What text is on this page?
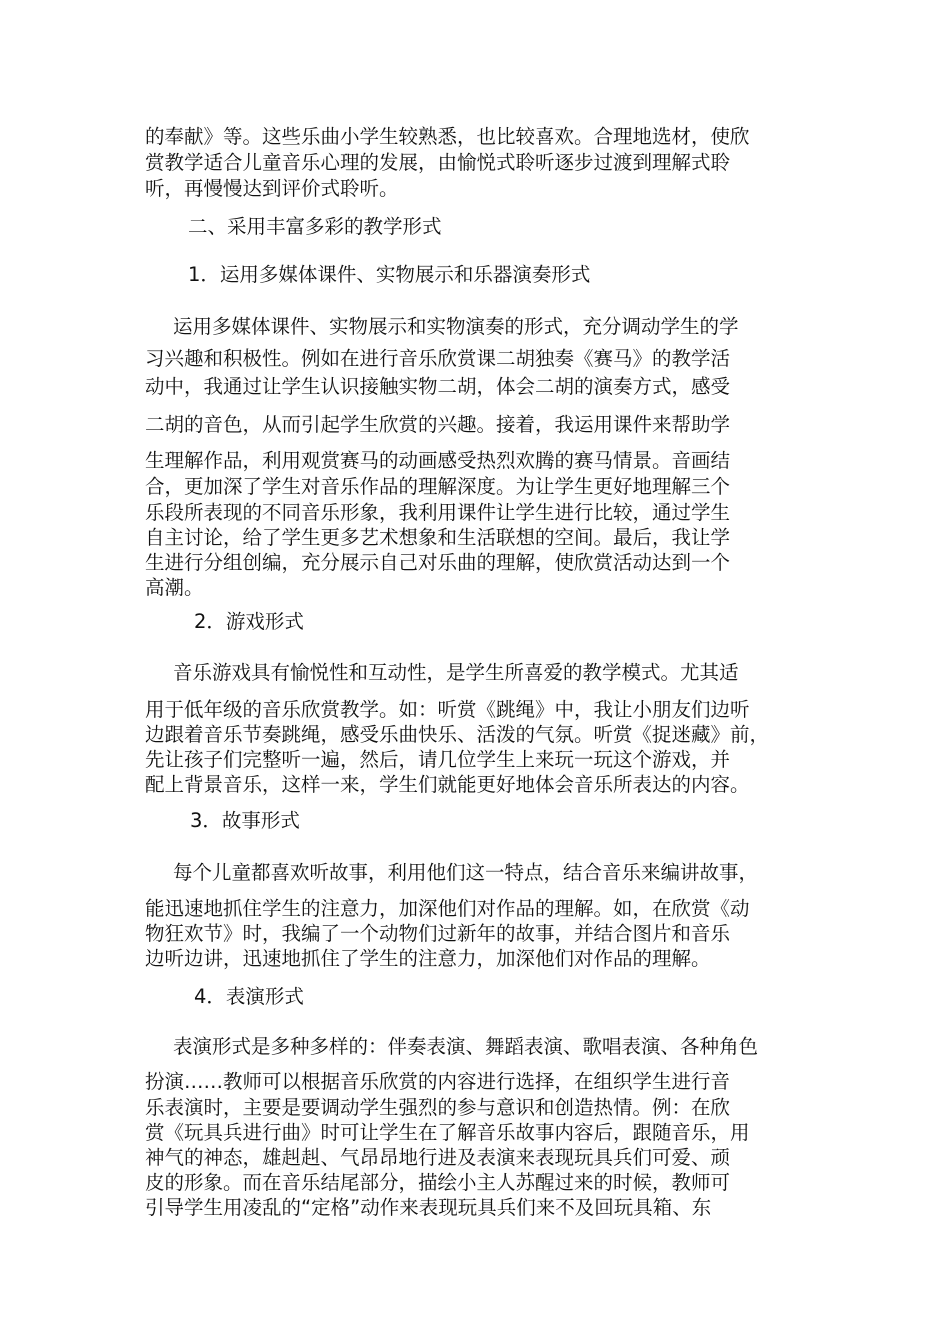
的奉献》等。这些乐曲小学生较熟悉，也比较喜欢。合理地选材，使欣

赏教学适合儿童音乐心理的发展，由愉悦式聆听逐步过渡到理解式聆

听，再慢慢达到评价式聆听。

二、采用丰富多彩的教学形式

1．运用多媒体课件、实物展示和乐器演奏形式

运用多媒体课件、实物展示和实物演奏的形式，充分调动学生的学

习兴趣和积极性。例如在进行音乐欣赏课二胡独奏《赛马》的教学活

动中，我通过让学生认识接触实物二胡，体会二胡的演奏方式，感受

二胡的音色，从而引起学生欣赏的兴趣。接着，我运用课件来帮助学

生理解作品，利用观赏赛马的动画感受热烈欢腾的赛马情景。音画结

合，更加深了学生对音乐作品的理解深度。为让学生更好地理解三个

乐段所表现的不同音乐形象，我利用课件让学生进行比较，通过学生

自主讨论，给了学生更多艺术想象和生活联想的空间。最后，我让学

生进行分组创编，充分展示自己对乐曲的理解，使欣赏活动达到一个

高潮。

2．游戏形式

音乐游戏具有愉悦性和互动性，是学生所喜爱的教学模式。尤其适

用于低年级的音乐欣赏教学。如：听赏《跳绳》中，我让小朋友们边听

边跟着音乐节奏跳绳，感受乐曲快乐、活泼的气氛。听赏《捉迷藏》前，

先让孩子们完整听一遍，然后，请几位学生上来玩一玩这个游戏，并

配上背景音乐，这样一来，学生们就能更好地体会音乐所表达的内容。

3．故事形式

每个儿童都喜欢听故事，利用他们这一特点，结合音乐来编讲故事，

能迅速地抓住学生的注意力，加深他们对作品的理解。如，在欣赏《动

物狂欢节》时，我编了一个动物们过新年的故事，并结合图片和音乐

边听边讲，迅速地抓住了学生的注意力，加深他们对作品的理解。

4．表演形式

表演形式是多种多样的：伴奏表演、舞蹈表演、歌唱表演、各种角色

扮演……教师可以根据音乐欣赏的内容进行选择，在组织学生进行音

乐表演时，主要是要调动学生强烈的参与意识和创造热情。例：在欣

赏《玩具兵进行曲》时可让学生在了解音乐故事内容后，跟随音乐，用

神气的神态，雄赳赳、气昂昂地行进及表演来表现玩具兵们可爱、顽

皮的形象。而在音乐结尾部分，描绘小主人苏醒过来的时候，教师可

引导学生用凌乱的“定格”动作来表现玩具兵们来不及回玩具箱、东
